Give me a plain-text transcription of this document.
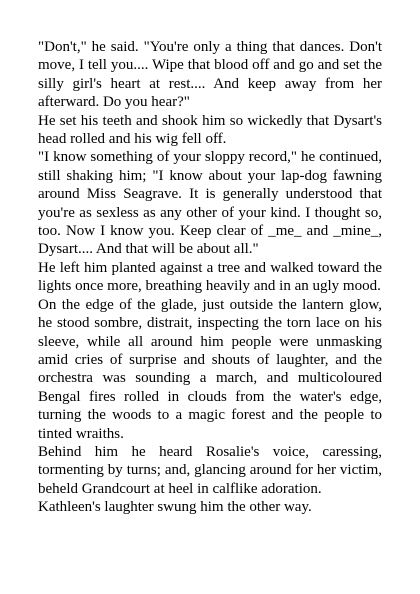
"Don't," he said. "You're only a thing that dances. Don't move, I tell you.... Wipe that blood off and go and set the silly girl's heart at rest.... And keep away from her afterward. Do you hear?"

He set his teeth and shook him so wickedly that Dysart's head rolled and his wig fell off.

"I know something of your sloppy record," he continued, still shaking him; "I know about your lap-dog fawning around Miss Seagrave. It is generally understood that you're as sexless as any other of your kind. I thought so, too. Now I know you. Keep clear of _me_ and _mine_, Dysart.... And that will be about all."

He left him planted against a tree and walked toward the lights once more, breathing heavily and in an ugly mood.

On the edge of the glade, just outside the lantern glow, he stood sombre, distrait, inspecting the torn lace on his sleeve, while all around him people were unmasking amid cries of surprise and shouts of laughter, and the orchestra was sounding a march, and multicoloured Bengal fires rolled in clouds from the water's edge, turning the woods to a magic forest and the people to tinted wraiths.

Behind him he heard Rosalie's voice, caressing, tormenting by turns; and, glancing around for her victim, beheld Grandcourt at heel in calflike adoration.

Kathleen's laughter swung him the other way.
